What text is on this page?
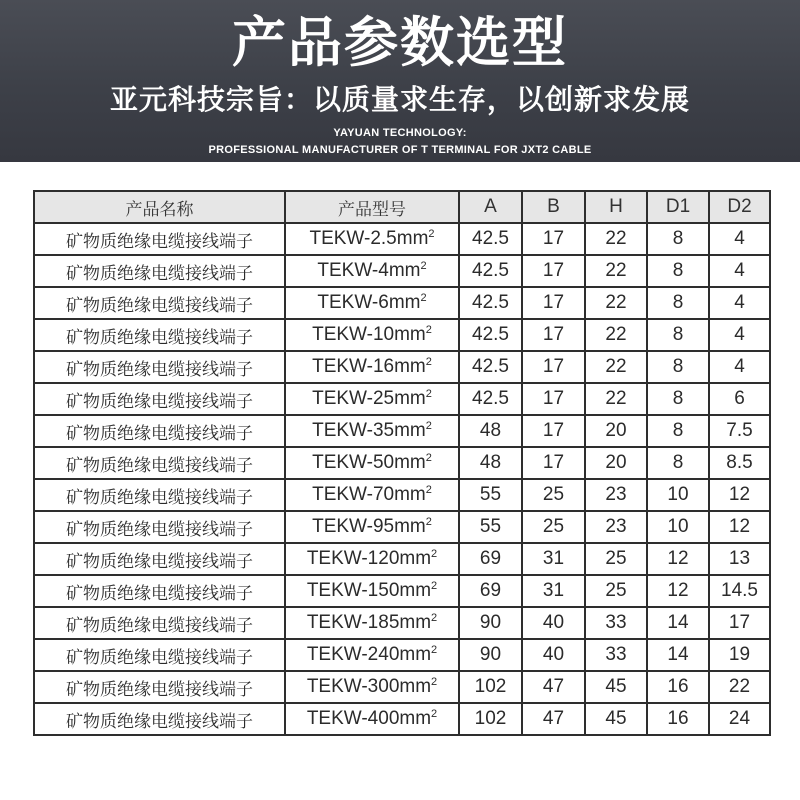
产品参数选型
亚元科技宗旨：以质量求生存，以创新求发展
YAYUAN TECHNOLOGY:
PROFESSIONAL MANUFACTURER OF T TERMINAL FOR JXT2 CABLE
产品名称	产品型号	A	B	H	D1	D2
矿物质绝缘电缆接线端子	TEKW-$2.5mm^2$	42.5	17	22	8	4
矿物质绝缘电缆接线端子	TEKW-$4mm^2$	42.5	17	22	8	4
矿物质绝缘电缆接线端子	TEKW-$6mm^2$	42.5	17	22	8	4
矿物质绝缘电缆接线端子	TEKW-$10mm^2$	42.5	17	22	8	4
矿物质绝缘电缆接线端子	TEKW-$16mm^2$	42.5	17	22	8	4
矿物质绝缘电缆接线端子	TEKW-$25mm^2$	42.5	17	22	8	6
矿物质绝缘电缆接线端子	TEKW-$35mm^2$	48	17	20	8	7.5
矿物质绝缘电缆接线端子	TEKW-$50mm^2$	48	17	20	8	8.5
矿物质绝缘电缆接线端子	TEKW-$70mm^2$	55	25	23	10	12
矿物质绝缘电缆接线端子	TEKW-$95mm^2$	55	25	23	10	12
矿物质绝缘电缆接线端子	TEKW-$120mm^2$	69	31	25	12	13
矿物质绝缘电缆接线端子	TEKW-$150mm^2$	69	31	25	12	14.5
矿物质绝缘电缆接线端子	TEKW-$185mm^2$	90	40	33	14	17
矿物质绝缘电缆接线端子	TEKW-$240mm^2$	90	40	33	14	19
矿物质绝缘电缆接线端子	TEKW-$300mm^2$	102	47	45	16	22
矿物质绝缘电缆接线端子	TEKW-$400mm^2$	102	47	45	16	24
